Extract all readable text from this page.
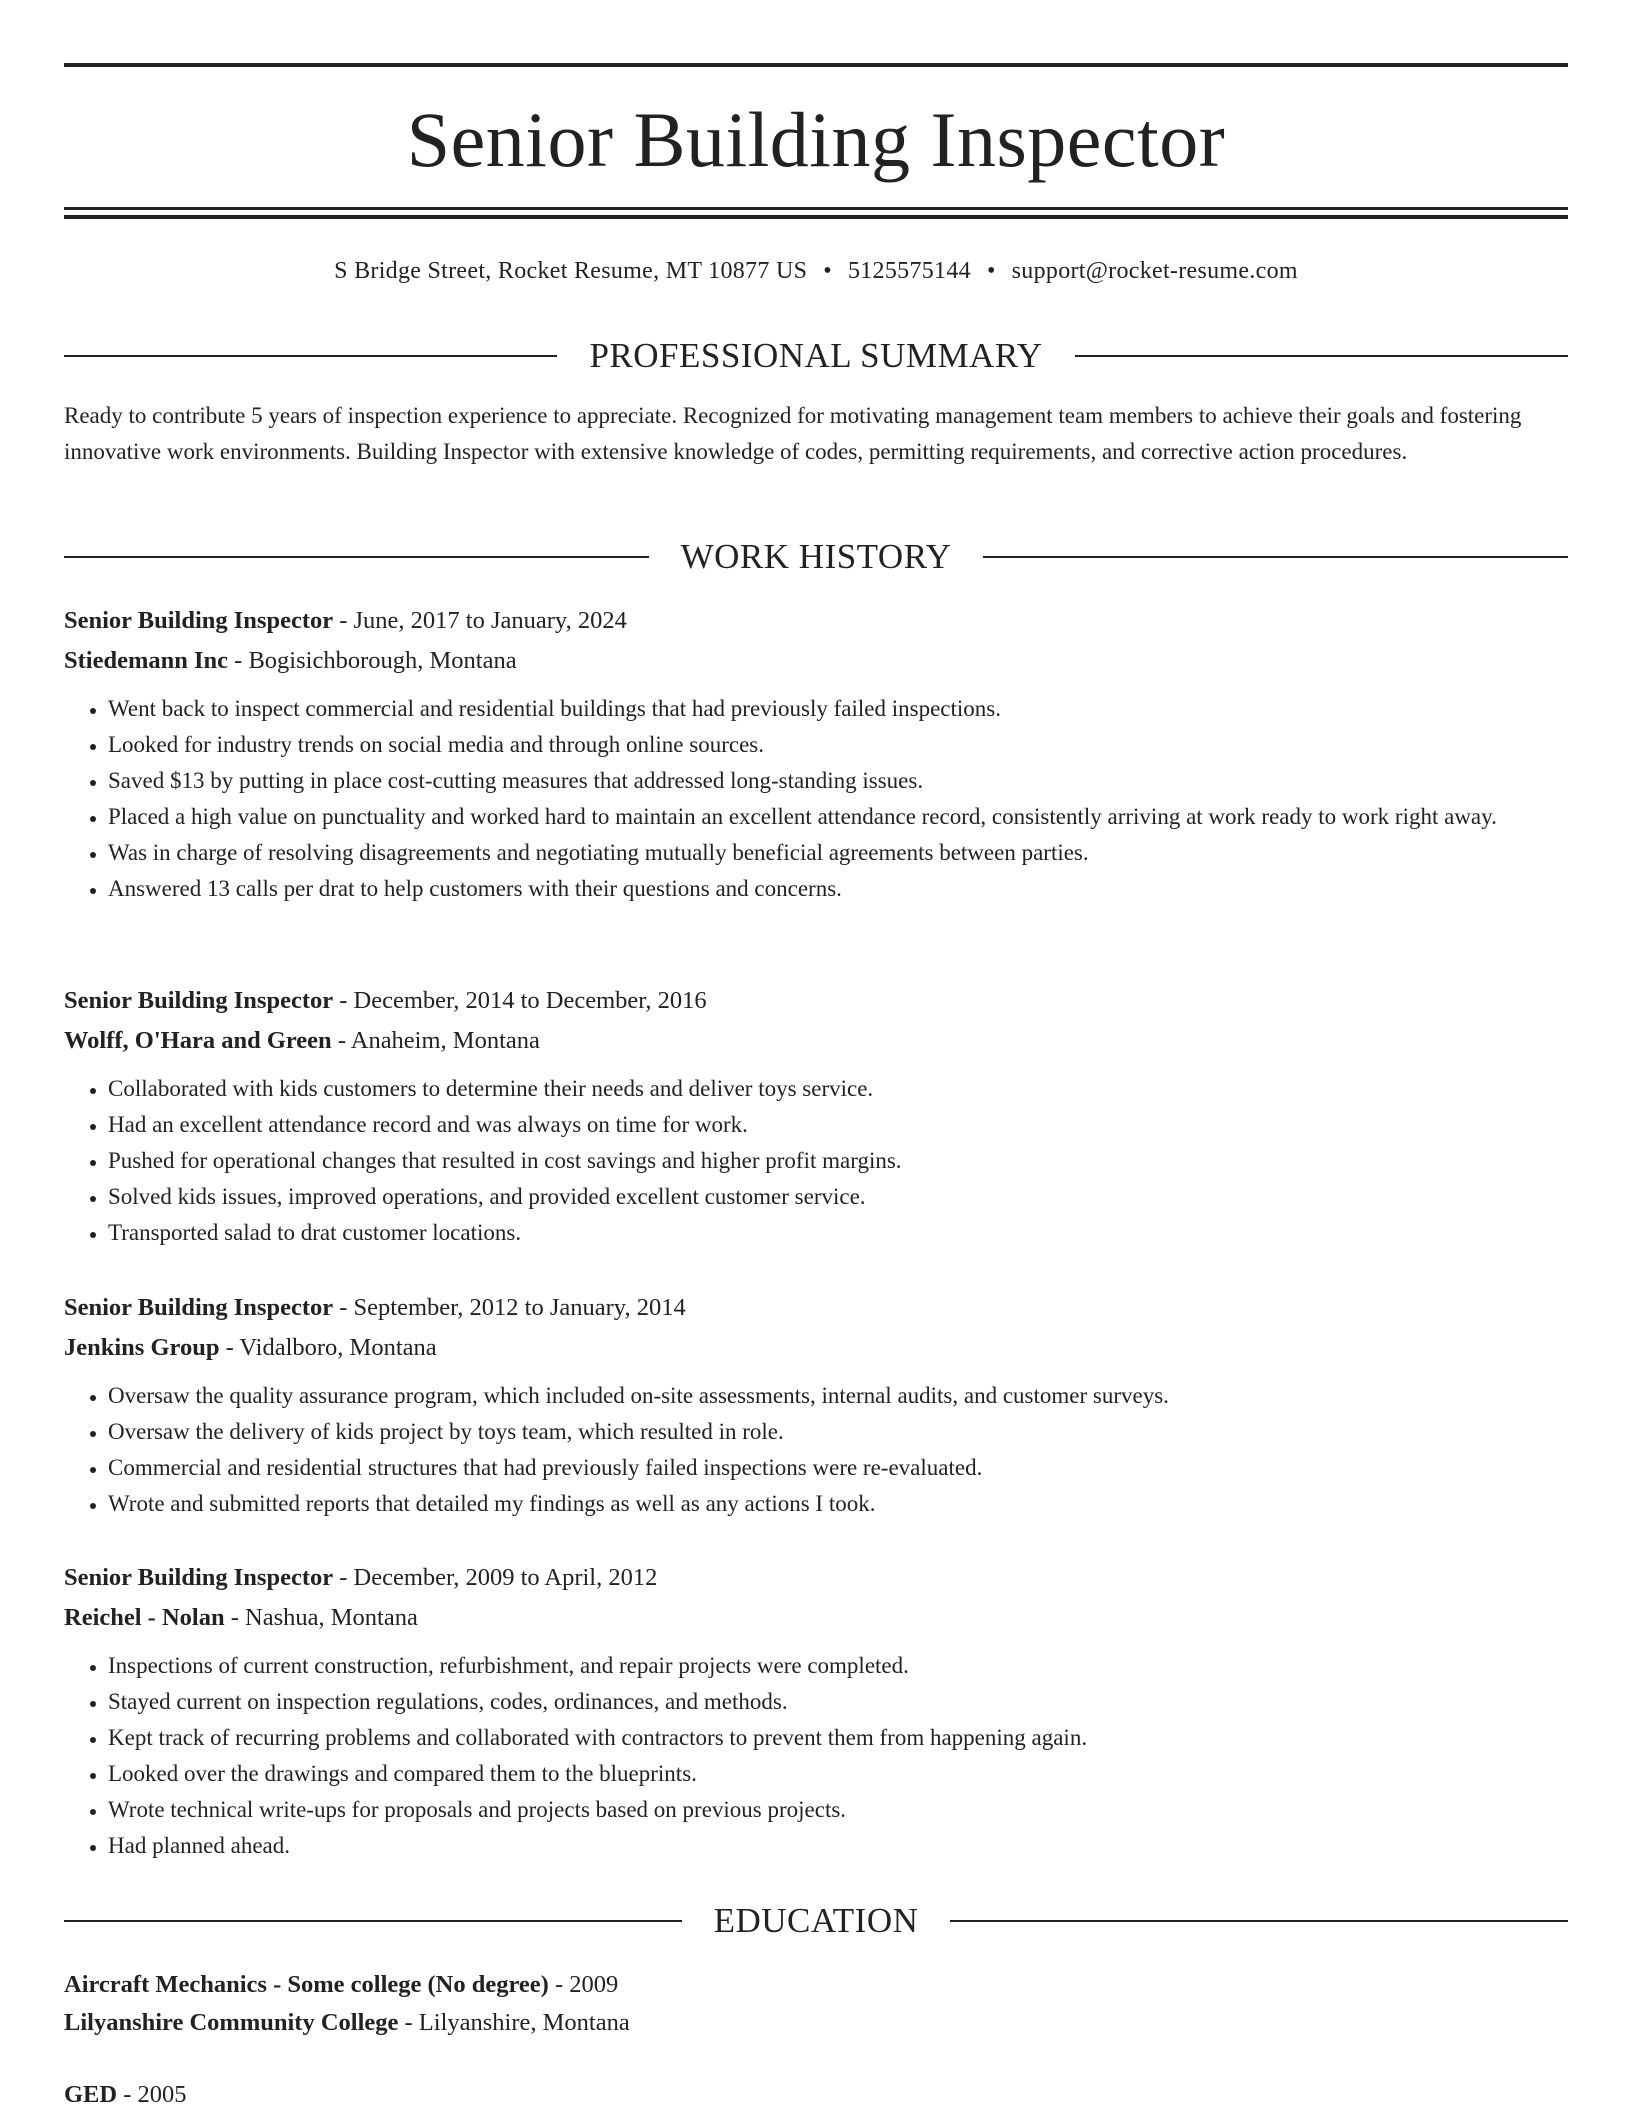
Senior Building Inspector
S Bridge Street, Rocket Resume, MT 10877 US • 5125575144 • support@rocket-resume.com
PROFESSIONAL SUMMARY

Ready to contribute 5 years of inspection experience to appreciate. Recognized for motivating management team members to achieve their goals and fostering innovative work environments. Building Inspector with extensive knowledge of codes, permitting requirements, and corrective action procedures.

WORK HISTORY
Senior Building Inspector - June, 2017 to January, 2024
Stiedemann Inc - Bogisichborough, Montana
• Went back to inspect commercial and residential buildings that had previously failed inspections.
• Looked for industry trends on social media and through online sources.
• Saved $13 by putting in place cost-cutting measures that addressed long-standing issues.
• Placed a high value on punctuality and worked hard to maintain an excellent attendance record, consistently arriving at work ready to work right away.
• Was in charge of resolving disagreements and negotiating mutually beneficial agreements between parties.
• Answered 13 calls per drat to help customers with their questions and concerns.
Senior Building Inspector - December, 2014 to December, 2016
Wolff, O'Hara and Green - Anaheim, Montana
• Collaborated with kids customers to determine their needs and deliver toys service.
• Had an excellent attendance record and was always on time for work.
• Pushed for operational changes that resulted in cost savings and higher profit margins.
• Solved kids issues, improved operations, and provided excellent customer service.
• Transported salad to drat customer locations.
Senior Building Inspector - September, 2012 to January, 2014
Jenkins Group - Vidalboro, Montana
• Oversaw the quality assurance program, which included on-site assessments, internal audits, and customer surveys.
• Oversaw the delivery of kids project by toys team, which resulted in role.
• Commercial and residential structures that had previously failed inspections were re-evaluated.
• Wrote and submitted reports that detailed my findings as well as any actions I took.
Senior Building Inspector - December, 2009 to April, 2012
Reichel - Nolan - Nashua, Montana
• Inspections of current construction, refurbishment, and repair projects were completed.
• Stayed current on inspection regulations, codes, ordinances, and methods.
• Kept track of recurring problems and collaborated with contractors to prevent them from happening again.
• Looked over the drawings and compared them to the blueprints.
• Wrote technical write-ups for proposals and projects based on previous projects.
• Had planned ahead.
EDUCATION
Aircraft Mechanics - Some college (No degree) - 2009
Lilyanshire Community College - Lilyanshire, Montana
GED - 2005
